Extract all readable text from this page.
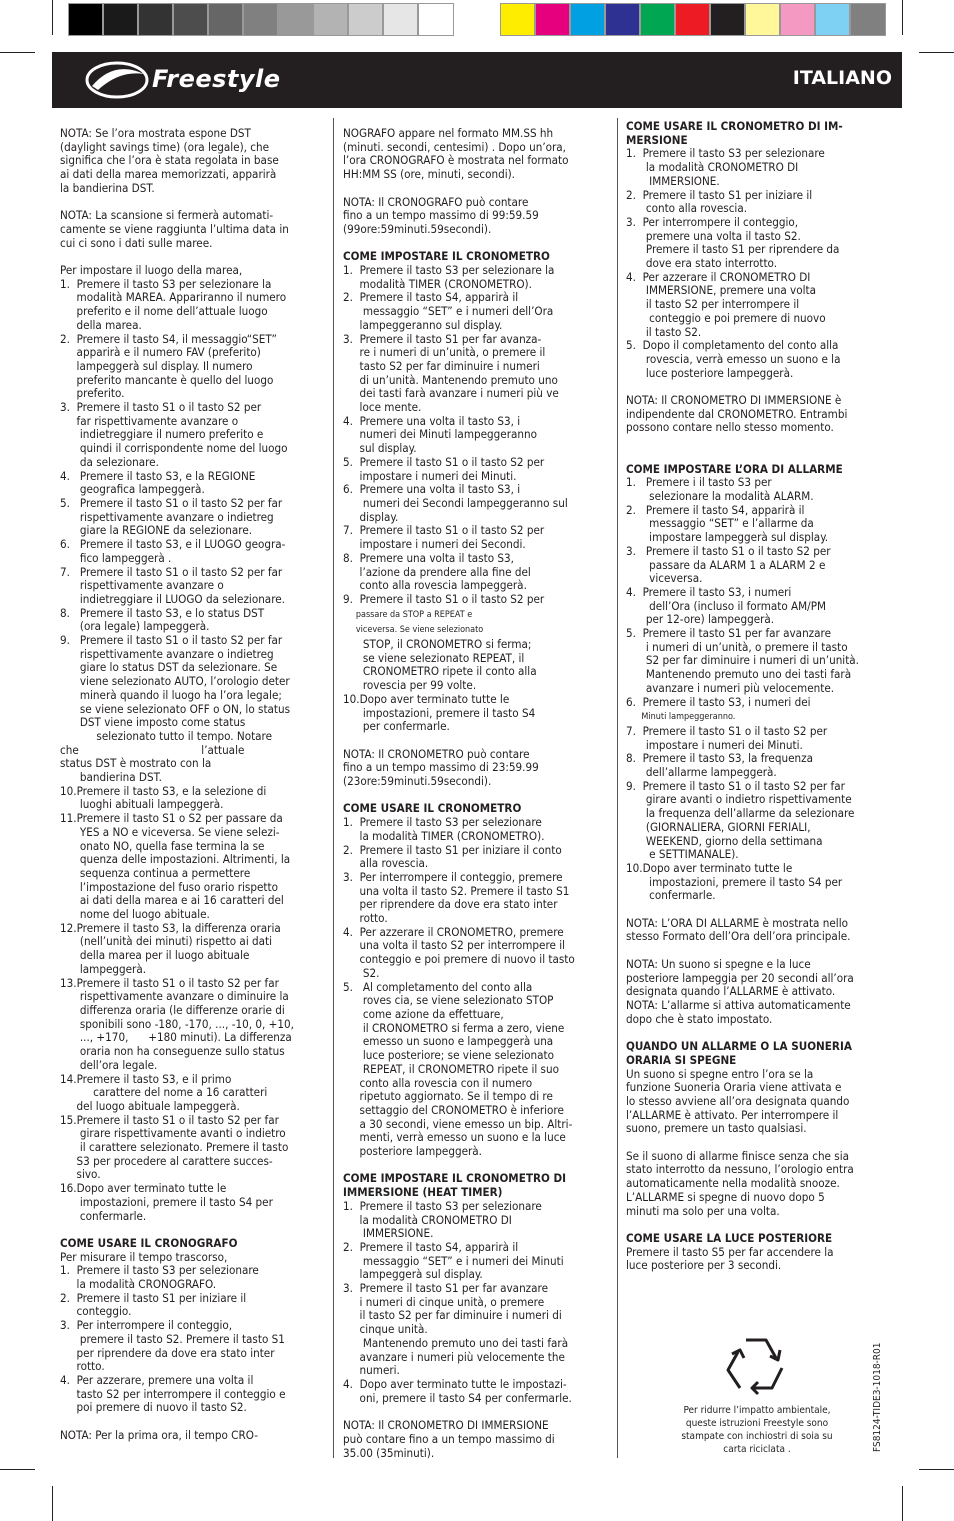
Freestyle	ITALIANO
NOTA: Se l’ora mostrata espone DST
(daylight savings time) (ora legale), che
significa che l’ora è stata regolata in base
ai dati della marea memorizzati, apparirà
la bandierina DST.

NOTA: La scansione si fermerà automati-
camente se viene raggiunta l’ultima data in
cui ci sono i dati sulle maree.

Per impostare il luogo della marea,
1.  Premere il tasto S3 per selezionare la
modalità MAREA. Appariranno il numero
preferito e il nome dell’attuale luogo
della marea.
2.  Premere il tasto S4, il messaggio“SET”
apparirà e il numero FAV (preferito)
lampeggerà sul display. Il numero
preferito mancante è quello del luogo
preferito.
3.  Premere il tasto S1 o il tasto S2 per
far rispettivamente avanzare o
indietreggiare il numero preferito e
quindi il corrispondente nome del luogo
da selezionare.
4.   Premere il tasto S3, e la REGIONE
geografica lampeggerà.
5.   Premere il tasto S1 o il tasto S2 per far
rispettivamente avanzare o indietreg
giare la REGIONE da selezionare.
6.   Premere il tasto S3, e il LUOGO geogra-
fico lampeggerà .
7.   Premere il tasto S1 o il tasto S2 per far
rispettivamente avanzare o
indietreggiare il LUOGO da selezionare.
8.   Premere il tasto S3, e lo status DST
(ora legale) lampeggerà.
9.   Premere il tasto S1 o il tasto S2 per far
rispettivamente avanzare o indietreg
giare lo status DST da selezionare. Se
viene selezionato AUTO, l’orologio deter
minerà quando il luogo ha l’ora legale;
se viene selezionato OFF o ON, lo status
DST viene imposto come status
selezionato tutto il tempo. Notare
che                                     l’attuale
status DST è mostrato con la
bandierina DST.
10.Premere il tasto S3, e la selezione di
luoghi abituali lampeggerà.
11.Premere il tasto S1 o S2 per passare da
YES a NO e viceversa. Se viene selezi-
onato NO, quella fase termina la se
quenza delle impostazioni. Altrimenti, la
sequenza continua a permettere
l’impostazione del fuso orario rispetto
ai dati della marea e ai 16 caratteri del
nome del luogo abituale.
12.Premere il tasto S3, la differenza oraria
(nell’unità dei minuti) rispetto ai dati
della marea per il luogo abituale
lampeggerà.
13.Premere il tasto S1 o il tasto S2 per far
rispettivamente avanzare o diminuire la
differenza oraria (le differenze orarie di
sponibili sono -180, -170, ..., -10, 0, +10,
..., +170,      +180 minuti). La differenza
oraria non ha conseguenze sullo status
dell’ora legale.
14.Premere il tasto S3, e il primo
carattere del nome a 16 caratteri
del luogo abituale lampeggerà.
15.Premere il tasto S1 o il tasto S2 per far
girare rispettivamente avanti o indietro
il carattere selezionato. Premere il tasto
S3 per procedere al carattere succes-
sivo.
16.Dopo aver terminato tutte le
impostazioni, premere il tasto S4 per
confermarle.

COME USARE IL CRONOGRAFO
Per misurare il tempo trascorso,
1.  Premere il tasto S3 per selezionare
la modalità CRONOGRAFO.
2.  Premere il tasto S1 per iniziare il
conteggio.
3.  Per interrompere il conteggio,
premere il tasto S2. Premere il tasto S1
per riprendere da dove era stato inter
rotto.
4.  Per azzerare, premere una volta il
tasto S2 per interrompere il conteggio e
poi premere di nuovo il tasto S2.

NOTA: Per la prima ora, il tempo CRO-
NOGRAFO appare nel formato MM.SS hh
(minuti. secondi, centesimi) . Dopo un’ora,
l’ora CRONOGRAFO è mostrata nel formato
HH:MM SS (ore, minuti, secondi).

NOTA: Il CRONOGRAFO può contare
fino a un tempo massimo di 99:59.59
(99ore:59minuti.59secondi).

COME IMPOSTARE IL CRONOMETRO
1.  Premere il tasto S3 per selezionare la
modalità TIMER (CRONOMETRO).
2.  Premere il tasto S4, apparirà il
messaggio “SET” e i numeri dell’Ora
lampeggeranno sul display.
3.  Premere il tasto S1 per far avanza-
re i numeri di un’unità, o premere il
tasto S2 per far diminuire i numeri
di un’unità. Mantenendo premuto uno
dei tasti farà avanzare i numeri più ve
loce mente.
4.  Premere una volta il tasto S3, i
numeri dei Minuti lampeggeranno
sul display.
5.  Premere il tasto S1 o il tasto S2 per
impostare i numeri dei Minuti.
6.  Premere una volta il tasto S3, i
numeri dei Secondi lampeggeranno sul
display.
7.  Premere il tasto S1 o il tasto S2 per
impostare i numeri dei Secondi.
8.  Premere una volta il tasto S3,
l’azione da prendere alla fine del
conto alla rovescia lampeggerà.
9.  Premere il tasto S1 o il tasto S2 per
passare da STOP a REPEAT e
viceversa. Se viene selezionato
STOP, il CRONOMETRO si ferma;
se viene selezionato REPEAT, il
CRONOMETRO ripete il conto alla
rovescia per 99 volte.
10.Dopo aver terminato tutte le
impostazioni, premere il tasto S4
per confermarle.

NOTA: Il CRONOMETRO può contare
fino a un tempo massimo di 23:59.99
(23ore:59minuti.59secondi).

COME USARE IL CRONOMETRO
1.  Premere il tasto S3 per selezionare
la modalità TIMER (CRONOMETRO).
2.  Premere il tasto S1 per iniziare il conto
alla rovescia.
3.  Per interrompere il conteggio, premere
una volta il tasto S2. Premere il tasto S1
per riprendere da dove era stato inter
rotto.
4.  Per azzerare il CRONOMETRO, premere
una volta il tasto S2 per interrompere il
conteggio e poi premere di nuovo il tasto
S2.
5.   Al completamento del conto alla
roves cia, se viene selezionato STOP
come azione da effettuare,
il CRONOMETRO si ferma a zero, viene
emesso un suono e lampeggerà una
luce posteriore; se viene selezionato
REPEAT, il CRONOMETRO ripete il suo
conto alla rovescia con il numero
ripetuto aggiornato. Se il tempo di re
settaggio del CRONOMETRO è inferiore
a 30 secondi, viene emesso un bip. Altri-
menti, verrà emesso un suono e la luce
posteriore lampeggerà.

COME IMPOSTARE IL CRONOMETRO DI
IMMERSIONE (HEAT TIMER)
1.  Premere il tasto S3 per selezionare
la modalità CRONOMETRO DI
IMMERSIONE.
2.  Premere il tasto S4, apparirà il
messaggio “SET” e i numeri dei Minuti
lampeggerà sul display.
3.  Premere il tasto S1 per far avanzare
i numeri di cinque unità, o premere
il tasto S2 per far diminuire i numeri di
cinque unità.
Mantenendo premuto uno dei tasti farà
avanzare i numeri più velocemente the
numeri.
4.  Dopo aver terminato tutte le impostazi-
oni, premere il tasto S4 per confermarle.

NOTA: Il CRONOMETRO DI IMMERSIONE
può contare fino a un tempo massimo di
35.00 (35minuti).
COME USARE IL CRONOMETRO DI IM-
MERSIONE
1.  Premere il tasto S3 per selezionare
la modalità CRONOMETRO DI
IMMERSIONE.
2.  Premere il tasto S1 per iniziare il
conto alla rovescia.
3.  Per interrompere il conteggio,
premere una volta il tasto S2.
Premere il tasto S1 per riprendere da
dove era stato interrotto.
4.  Per azzerare il CRONOMETRO DI
IMMERSIONE, premere una volta
il tasto S2 per interrompere il
conteggio e poi premere di nuovo
il tasto S2.
5.  Dopo il completamento del conto alla
rovescia, verrà emesso un suono e la
luce posteriore lampeggerà.

NOTA: Il CRONOMETRO DI IMMERSIONE è
indipendente dal CRONOMETRO. Entrambi
possono contare nello stesso momento.

COME IMPOSTARE L’ORA DI ALLARME
1.   Premere i il tasto S3 per
selezionare la modalità ALARM.
2.   Premere il tasto S4, apparirà il
messaggio “SET” e l’allarme da
impostare lampeggerà sul display.
3.   Premere il tasto S1 o il tasto S2 per
passare da ALARM 1 a ALARM 2 e
viceversa.
4.  Premere il tasto S3, i numeri
dell’Ora (incluso il formato AM/PM
per 12-ore) lampeggerà.
5.  Premere il tasto S1 per far avanzare
i numeri di un’unità, o premere il tasto
S2 per far diminuire i numeri di un’unità.
Mantenendo premuto uno dei tasti farà
avanzare i numeri più velocemente.
6.  Premere il tasto S3, i numeri dei
Minuti lampeggeranno.
7.  Premere il tasto S1 o il tasto S2 per
impostare i numeri dei Minuti.
8.  Premere il tasto S3, la frequenza
dell’allarme lampeggerà.
9.  Premere il tasto S1 o il tasto S2 per far
girare avanti o indietro rispettivamente
la frequenza dell’allarme da selezionare
(GIORNALIERA, GIORNI FERIALI,
WEEKEND, giorno della settimana
e SETTIMANALE).
10.Dopo aver terminato tutte le
impostazioni, premere il tasto S4 per
confermarle.

NOTA: L’ORA DI ALLARME è mostrata nello
stesso Formato dell’Ora dell’ora principale.

NOTA: Un suono si spegne e la luce
posteriore lampeggia per 20 secondi all’ora
designata quando l’ALLARME è attivato.
NOTA: L’allarme si attiva automaticamente
dopo che è stato impostato.

QUANDO UN ALLARME O LA SUONERIA
ORARIA SI SPEGNE
Un suono si spegne entro l’ora se la
funzione Suoneria Oraria viene attivata e
lo stesso avviene all’ora designata quando
l’ALLARME è attivato. Per interrompere il
suono, premere un tasto qualsiasi.

Se il suono di allarme finisce senza che sia
stato interrotto da nessuno, l’orologio entra
automaticamente nella modalità snooze.
L’ALLARME si spegne di nuovo dopo 5
minuti ma solo per una volta.

COME USARE LA LUCE POSTERIORE
Premere il tasto S5 per far accendere la
luce posteriore per 3 secondi.
Per ridurre l’impatto ambientale,
queste istruzioni Freestyle sono
stampate con inchiostri di soia su
carta riciclata .	FS8124-TIDE3-1018-R01
